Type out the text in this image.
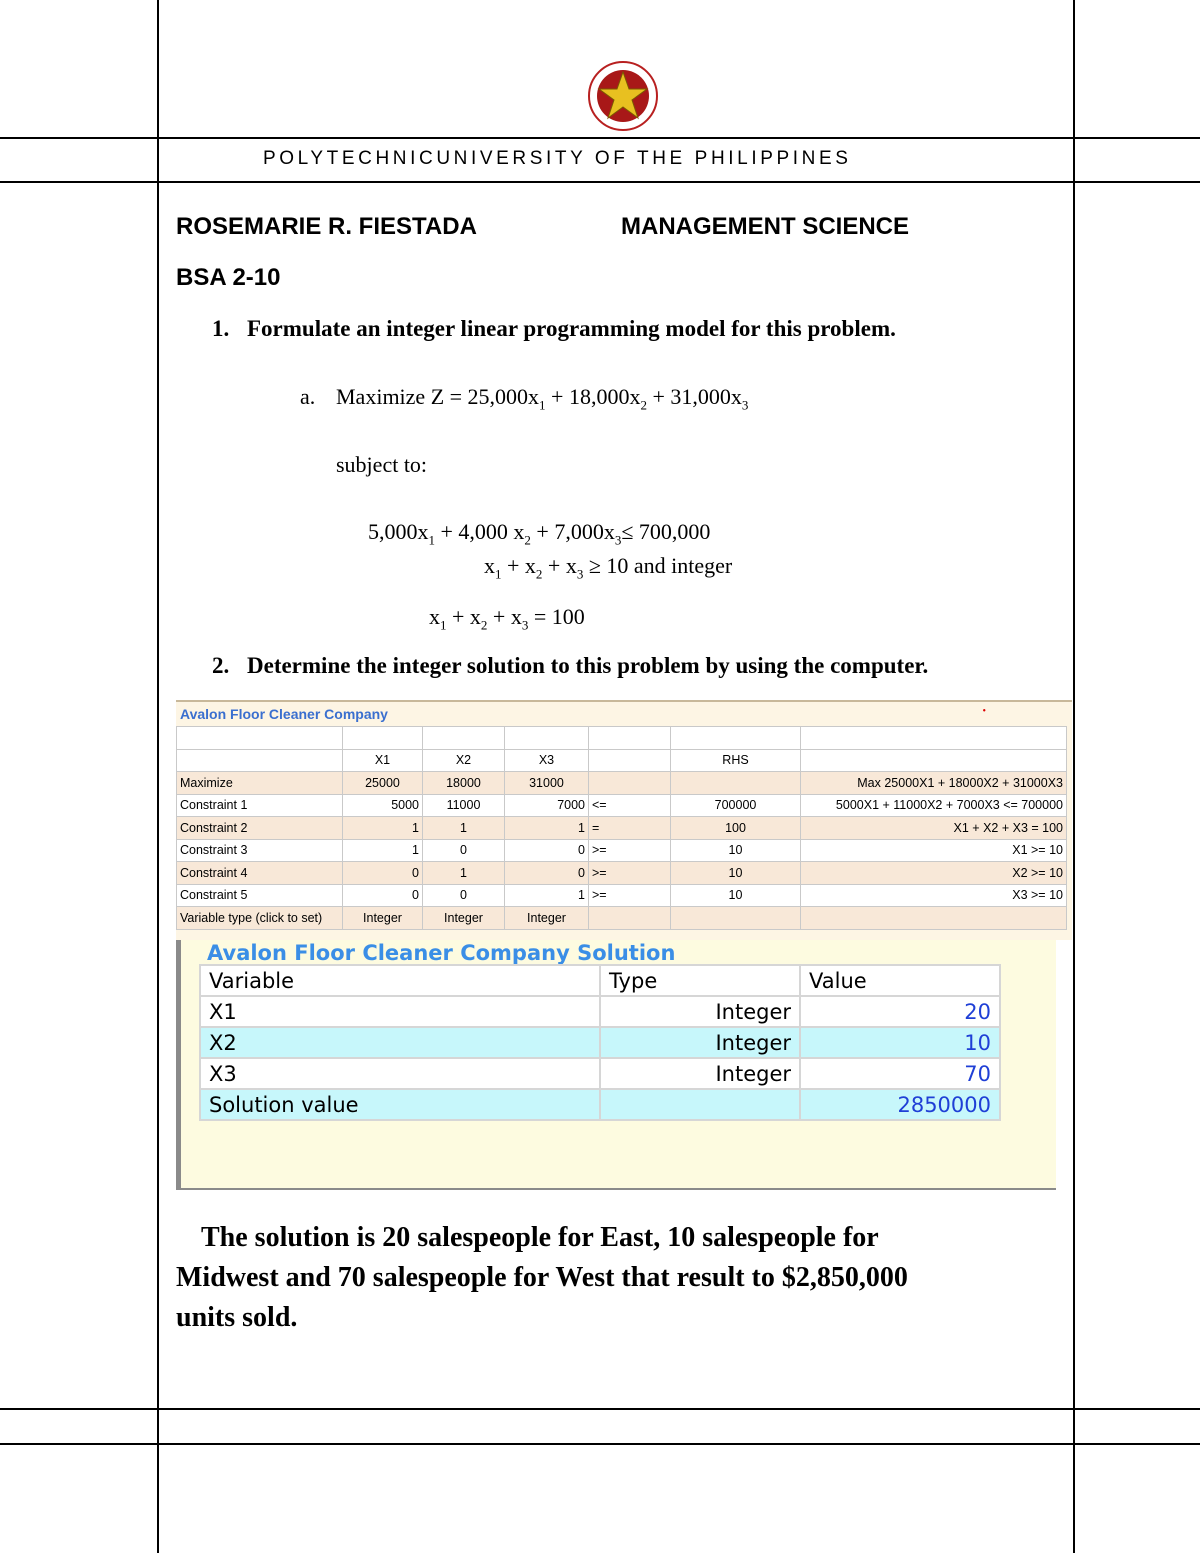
POLYTECHNICUNIVERSITY OF THE PHILIPPINES
ROSEMARIE R. FIESTADA	MANAGEMENT SCIENCE
BSA 2-10
1. Formulate an integer linear programming model for this problem.
a. Maximize $Z = 25,000x_1 + 18,000x_2 + 31,000x_3$
subject to:
$5,000x_1 + 4,000$ $x_2 + 7,000x_3\le 700,000$
$x_1 + x_2 + x_3 \ge 10$ and integer
$x_1 + x_2 + x_3 = 100$
2. Determine the integer solution to this problem by using the computer.
Avalon Floor Cleaner Company	•

	X1	X2	X3		RHS	
Maximize	25000	18000	31000			Max 25000X1 + 18000X2 + 31000X3
Constraint 1	5000	11000	7000	<=	700000	5000X1 + 11000X2 + 7000X3 <= 700000
Constraint 2	1	1	1	=	100	X1 + X2 + X3 = 100
Constraint 3	1	0	0	>=	10	X1 >= 10
Constraint 4	0	1	0	>=	10	X2 >= 10
Constraint 5	0	0	1	>=	10	X3 >= 10
Variable type (click to set)	Integer	Integer	Integer			
Avalon Floor Cleaner Company Solution
Variable	Type	Value
X1	Integer	20
X2	Integer	10
X3	Integer	70
Solution value		2850000
The solution is 20 salespeople for East, 10 salespeople for
Midwest and 70 salespeople for West that result to $2,850,000
units sold.
